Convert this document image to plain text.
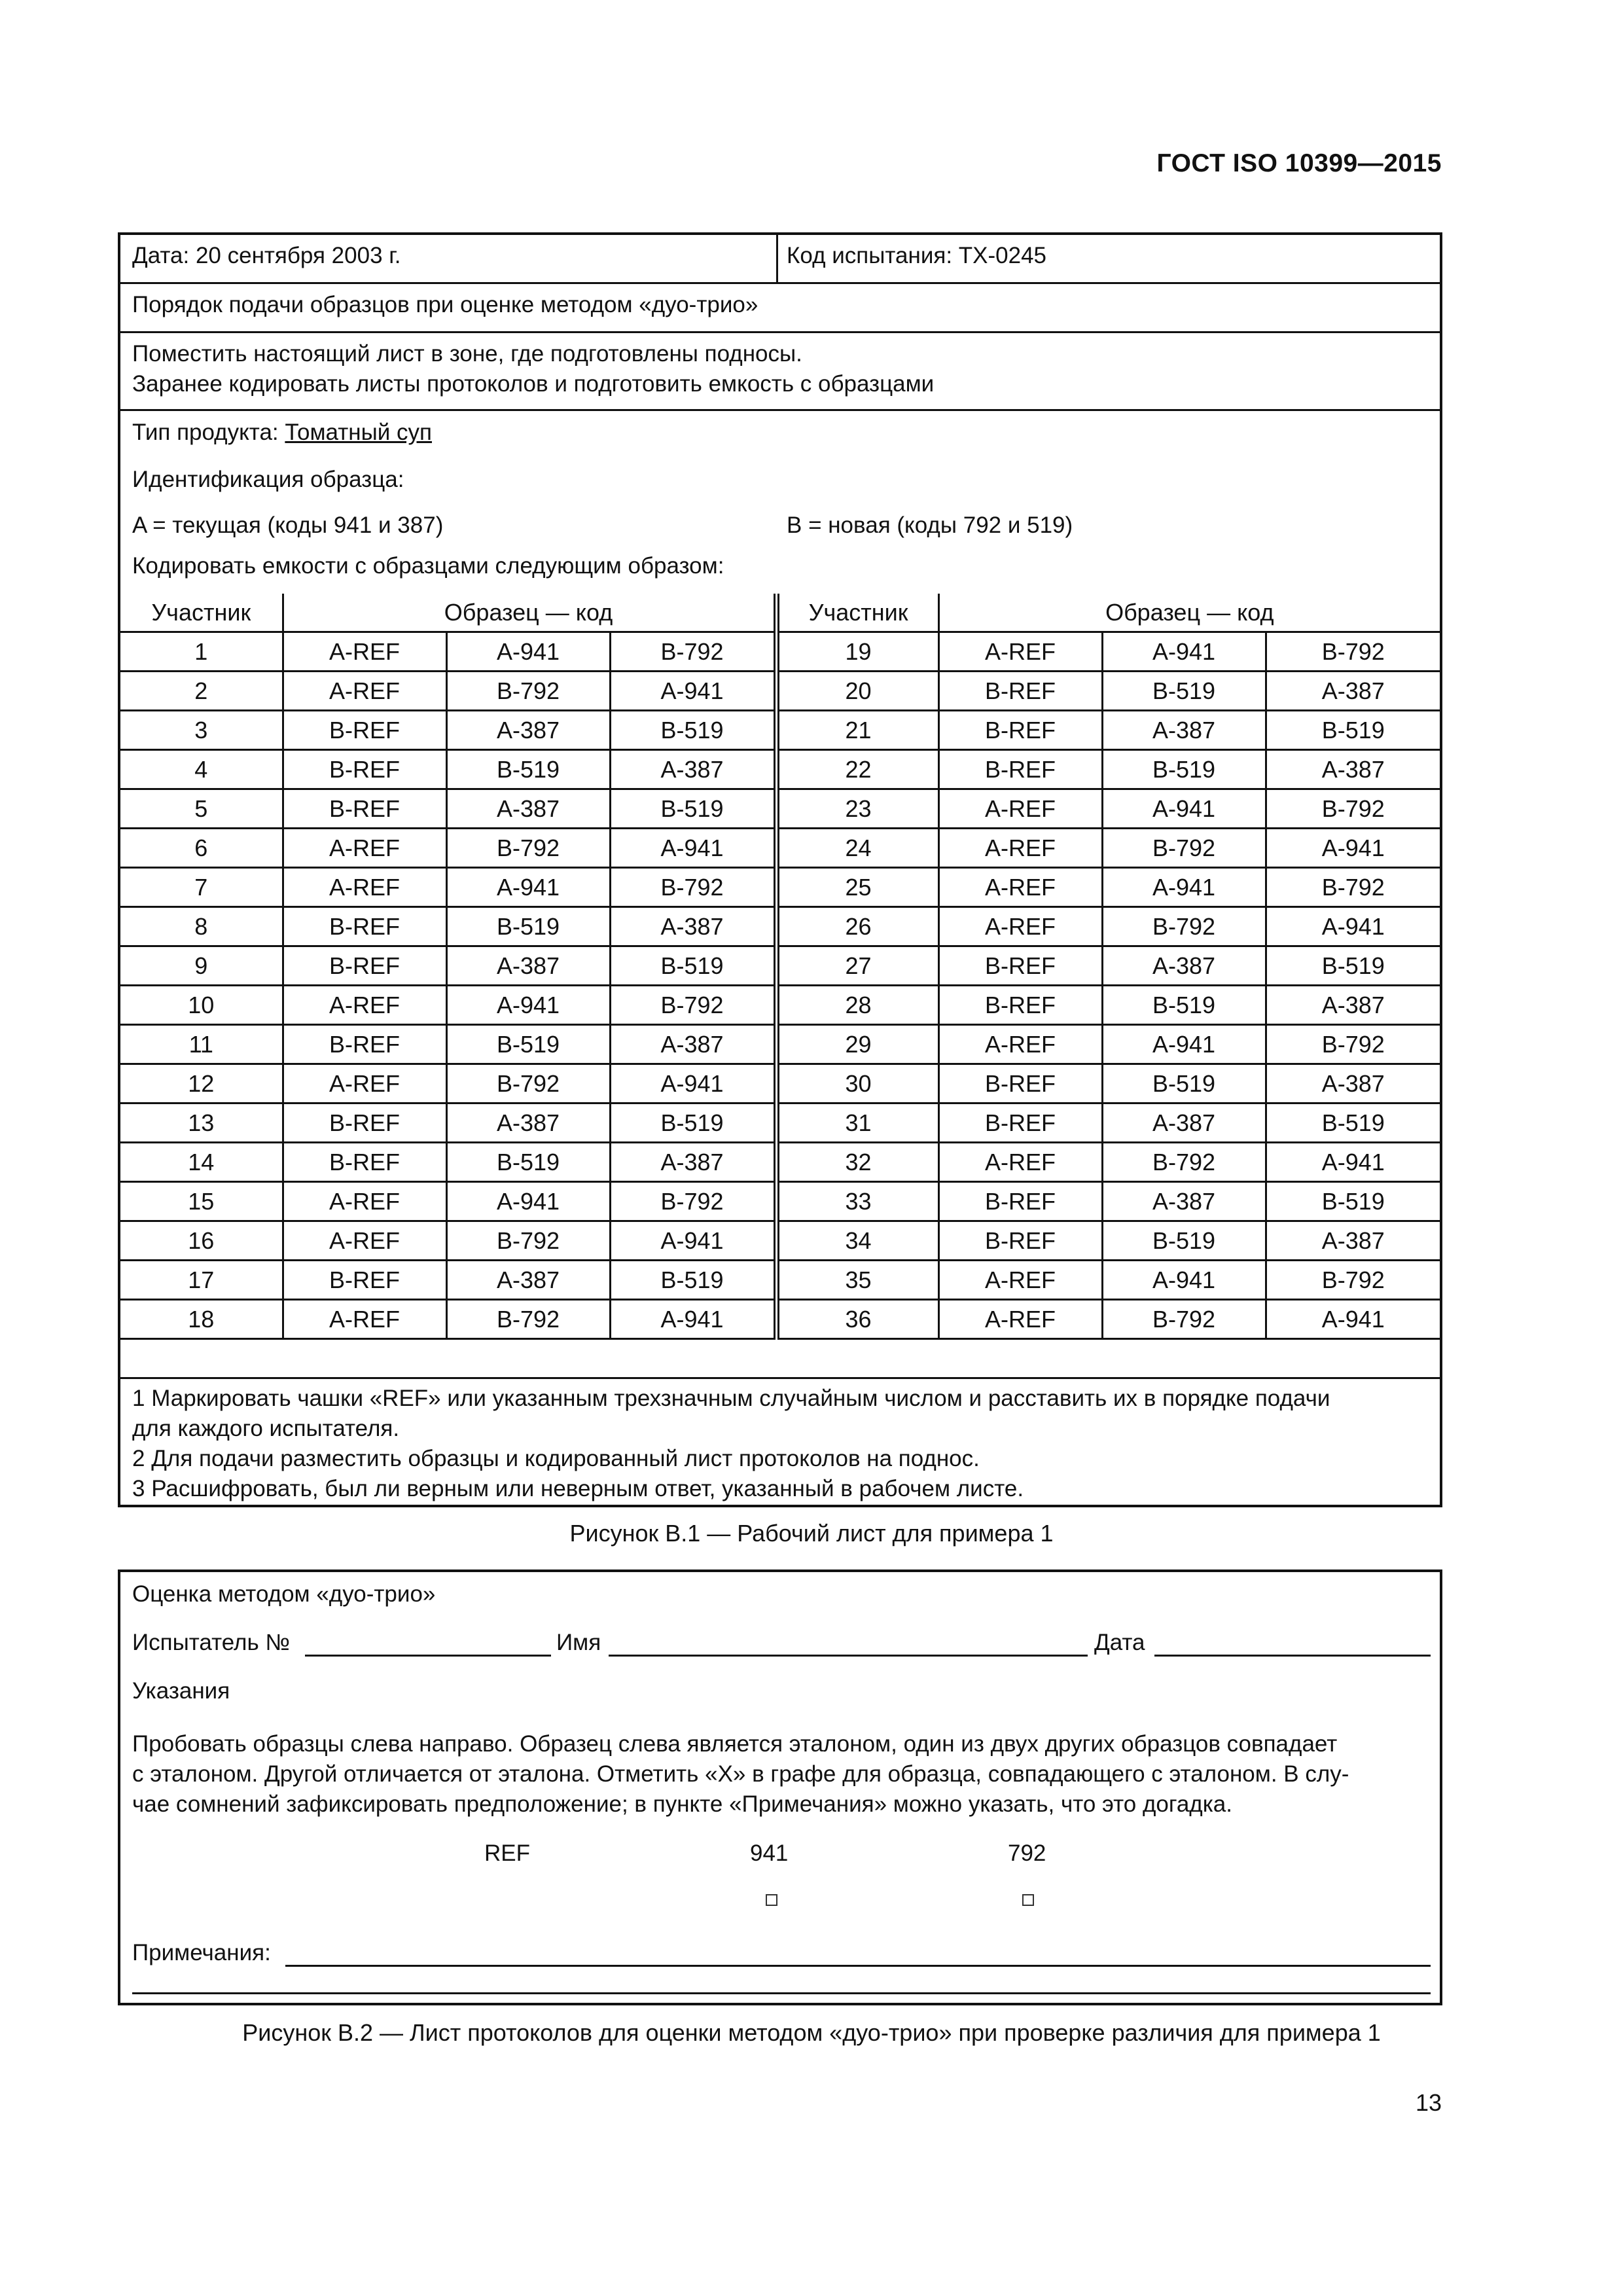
ГОСТ ISO 10399—2015
Дата: 20 сентября 2003 г.	Код испытания: TX-0245
Порядок подачи образцов при оценке методом «дуо-трио»
Поместить настоящий лист в зоне, где подготовлены подносы.
Заранее кодировать листы протоколов и подготовить емкость с образцами
Тип продукта: Томатный суп
Идентификация образца:
A = текущая (коды 941 и 387)	B = новая (коды 792 и 519)
Кодировать емкости с образцами следующим образом:
Участник	Образец — код			Участник	Образец — код		
1	A-REF	A-941	B-792	19	A-REF	A-941	B-792
2	A-REF	B-792	A-941	20	B-REF	B-519	A-387
3	B-REF	A-387	B-519	21	B-REF	A-387	B-519
4	B-REF	B-519	A-387	22	B-REF	B-519	A-387
5	B-REF	A-387	B-519	23	A-REF	A-941	B-792
6	A-REF	B-792	A-941	24	A-REF	B-792	A-941
7	A-REF	A-941	B-792	25	A-REF	A-941	B-792
8	B-REF	B-519	A-387	26	A-REF	B-792	A-941
9	B-REF	A-387	B-519	27	B-REF	A-387	B-519
10	A-REF	A-941	B-792	28	B-REF	B-519	A-387
11	B-REF	B-519	A-387	29	A-REF	A-941	B-792
12	A-REF	B-792	A-941	30	B-REF	B-519	A-387
13	B-REF	A-387	B-519	31	B-REF	A-387	B-519
14	B-REF	B-519	A-387	32	A-REF	B-792	A-941
15	A-REF	A-941	B-792	33	B-REF	A-387	B-519
16	A-REF	B-792	A-941	34	B-REF	B-519	A-387
17	B-REF	A-387	B-519	35	A-REF	A-941	B-792
18	A-REF	B-792	A-941	36	A-REF	B-792	A-941
1 Маркировать чашки «REF» или указанным трехзначным случайным числом и расставить их в порядке подачи
для каждого испытателя.
2 Для подачи разместить образцы и кодированный лист протоколов на поднос.
3 Расшифровать, был ли верным или неверным ответ, указанный в рабочем листе.
Рисунок B.1 — Рабочий лист для примера 1
Оценка методом «дуо-трио»
Испытатель №	Имя	Дата
Указания
Пробовать образцы слева направо. Образец слева является эталоном, один из двух других образцов совпадает
с эталоном. Другой отличается от эталона. Отметить «X» в графе для образца, совпадающего с эталоном. В слу-
чае сомнений зафиксировать предположение; в пункте «Примечания» можно указать, что это догадка.
REF	941	792
Примечания:
Рисунок B.2 — Лист протоколов для оценки методом «дуо-трио» при проверке различия для примера 1
13
